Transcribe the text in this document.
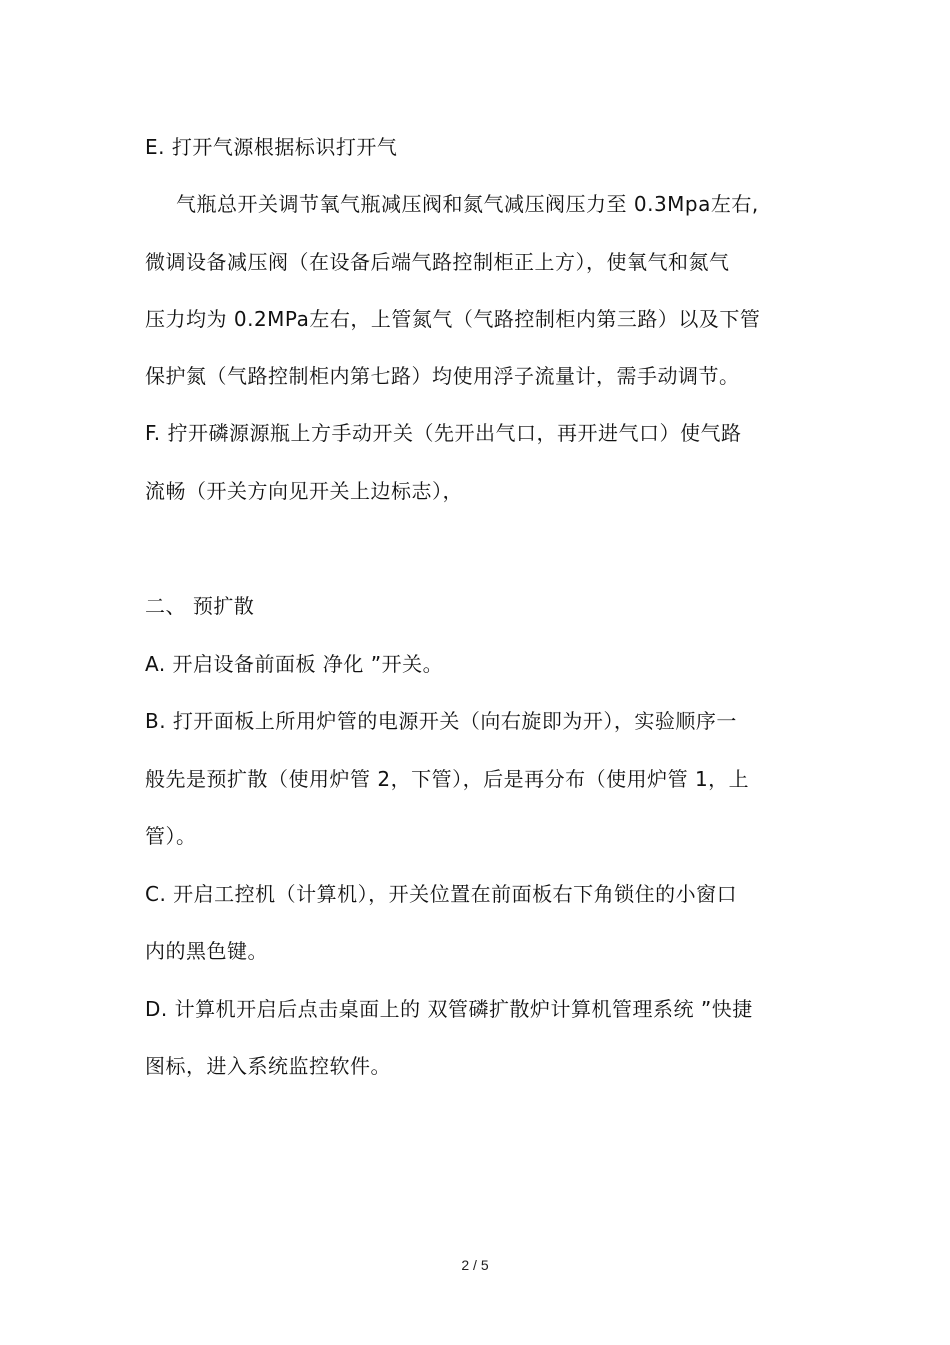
E. 打开气源根据标识打开气
气瓶总开关调节氧气瓶减压阀和氮气减压阀压力至 0.3Mpa左右,
微调设备减压阀（在设备后端气路控制柜正上方），使氧气和氮气
压力均为 0.2MPa左右，上管氮气（气路控制柜内第三路）以及下管
保护氮（气路控制柜内第七路）均使用浮子流量计，需手动调节。
F. 拧开磷源源瓶上方手动开关（先开出气口，再开进气口）使气路
流畅（开关方向见开关上边标志），
二、 预扩散
A. 开启设备前面板 净化 ”开关。
B. 打开面板上所用炉管的电源开关（向右旋即为开），实验顺序一
般先是预扩散（使用炉管 2，下管），后是再分布（使用炉管 1，上
管）。
C. 开启工控机（计算机），开关位置在前面板右下角锁住的小窗口
内的黑色键。
D. 计算机开启后点击桌面上的 双管磷扩散炉计算机管理系统 ”快捷
图标，进入系统监控软件。
2 / 5
